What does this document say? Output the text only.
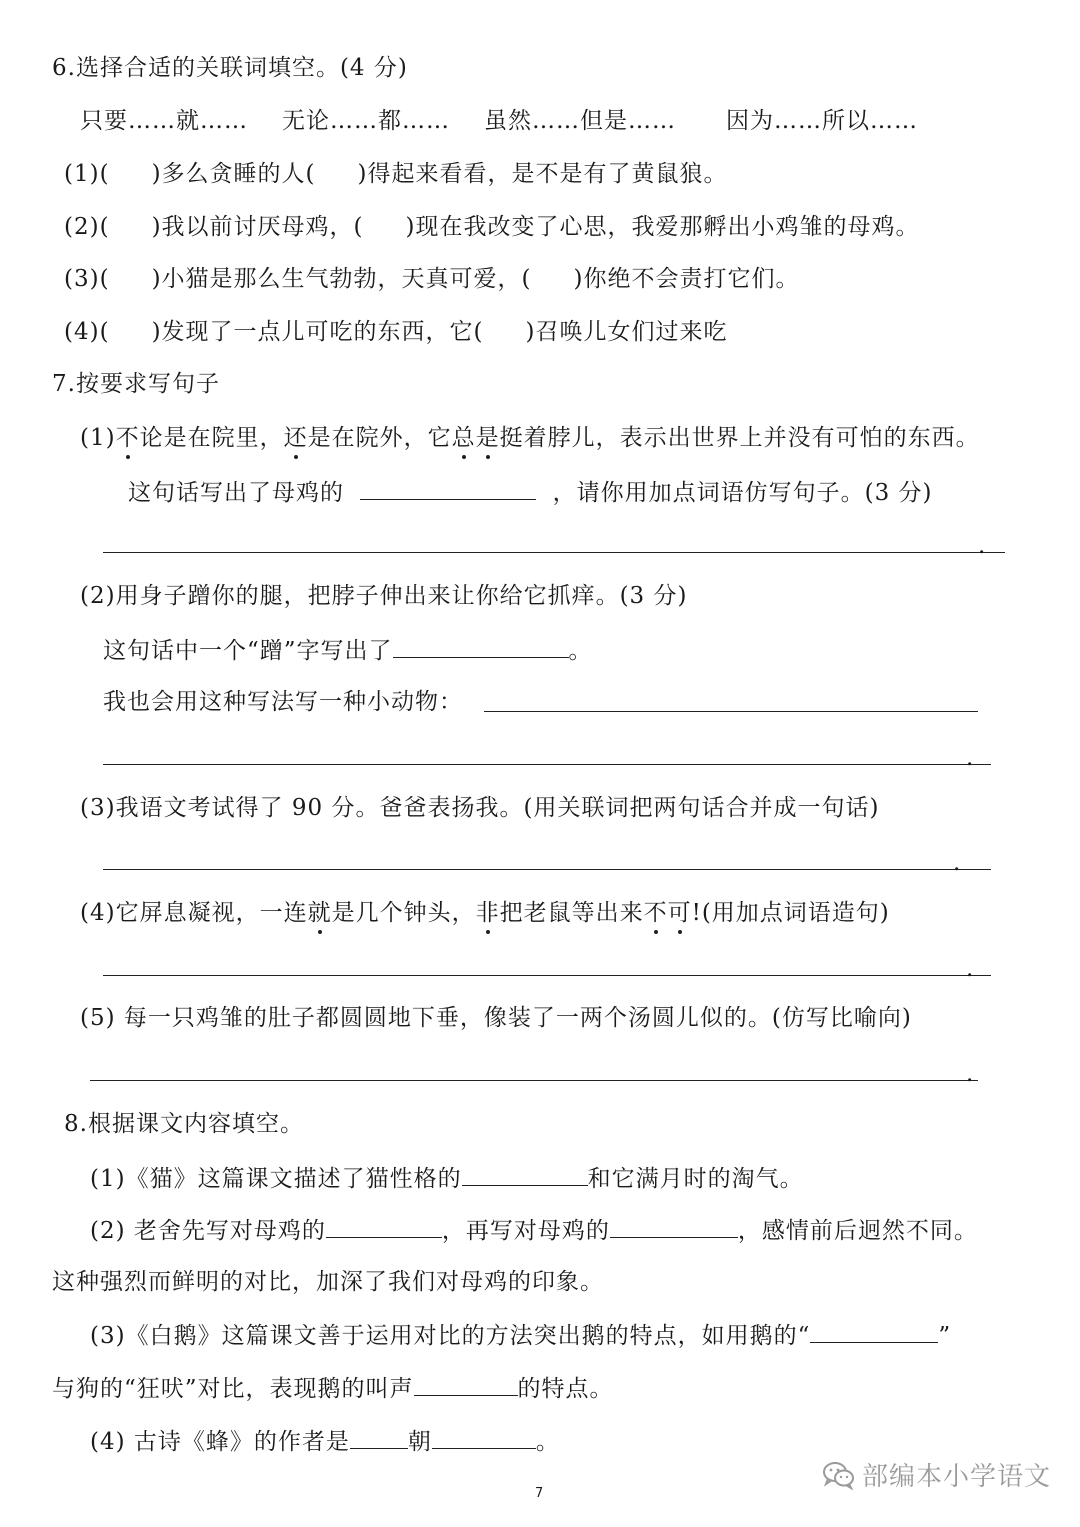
6.选择合适的关联词填空。(4 分)
只要……就…… 无论……都…… 虽然……但是…… 因为……所以……
(1)( )多么贪睡的人( )得起来看看，是不是有了黄鼠狼。
(2)( )我以前讨厌母鸡，( )现在我改变了心思，我爱那孵出小鸡雏的母鸡。
(3)( )小猫是那么生气勃勃，天真可爱，( )你绝不会责打它们。
(4)( )发现了一点儿可吃的东西，它( )召唤儿女们过来吃
7.按要求写句子
(1)不论是在院里，还是在院外，它总是挺着脖儿，表示出世界上并没有可怕的东西。
这句话写出了母鸡的	，请你用加点词语仿写句子。(3 分)
.
(2)用身子蹭你的腿，把脖子伸出来让你给它抓痒。(3 分)
这句话中一个“蹭”字写出了	。
我也会用这种写法写一种小动物：
.
(3)我语文考试得了 90 分。爸爸表扬我。(用关联词把两句话合并成一句话)
.
(4)它屏息凝视，一连就是几个钟头，非把老鼠等出来不可!(用加点词语造句)
.
(5) 每一只鸡雏的肚子都圆圆地下垂，像装了一两个汤圆儿似的。(仿写比喻向)
.
8.根据课文内容填空。
(1)《猫》这篇课文描述了猫性格的	和它满月时的淘气。
(2) 老舍先写对母鸡的	，再写对母鸡的	，感情前后迥然不同。
这种强烈而鲜明的对比，加深了我们对母鸡的印象。
(3)《白鹅》这篇课文善于运用对比的方法突出鹅的特点，如用鹅的“	”
与狗的“狂吠”对比，表现鹅的叫声	的特点。
(4) 古诗《蜂》的作者是	朝	。
7
部编本小学语文
